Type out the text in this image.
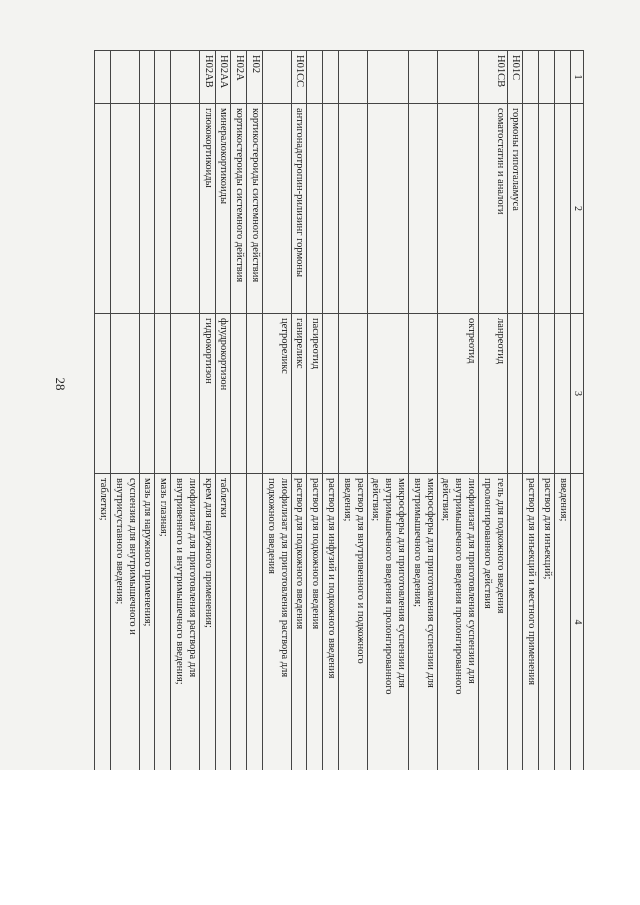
28
1	2	3	4
			введения;
			раствор для инъекций;
			раствор для инъекций и местного применения
H01C	гормоны гипоталамуса		
H01CB	соматостатин и аналоги	ланреотид	гель для подкожного введения
пролонгированного действия
		октреотид	лиофилизат для приготовления суспензии для
внутримышечного введения пролонгированного
действия;
			микросферы для приготовления суспензии для
внутримышечного введения;
			микросферы для приготовления суспензии для
внутримышечного введения пролонгированного
действия;
			раствор для внутривенного и подкожного
введения;
			раствор для инфузий и подкожного введения
		пасиреотид	раствор для подкожного введения
H01CC	антигонадотропин-рилизинг гормоны	ганиреликс	раствор для подкожного введения
		цетрореликс	лиофилизат для приготовления раствора для
подкожного введения
H02	кортикостероиды системного действия		
H02A	кортикостероиды системного действия		
H02AA	минералокортикоиды	флудрокортизон	таблетки
H02AB	глюкокортикоиды	гидрокортизон	крем для наружного применения;
			лиофилизат для приготовления раствора для
внутривенного и внутримышечного введения;
			мазь глазная;
			мазь для наружного применения;
			суспензия для внутримышечного и
внутрисуставного введения;
			таблетки;
